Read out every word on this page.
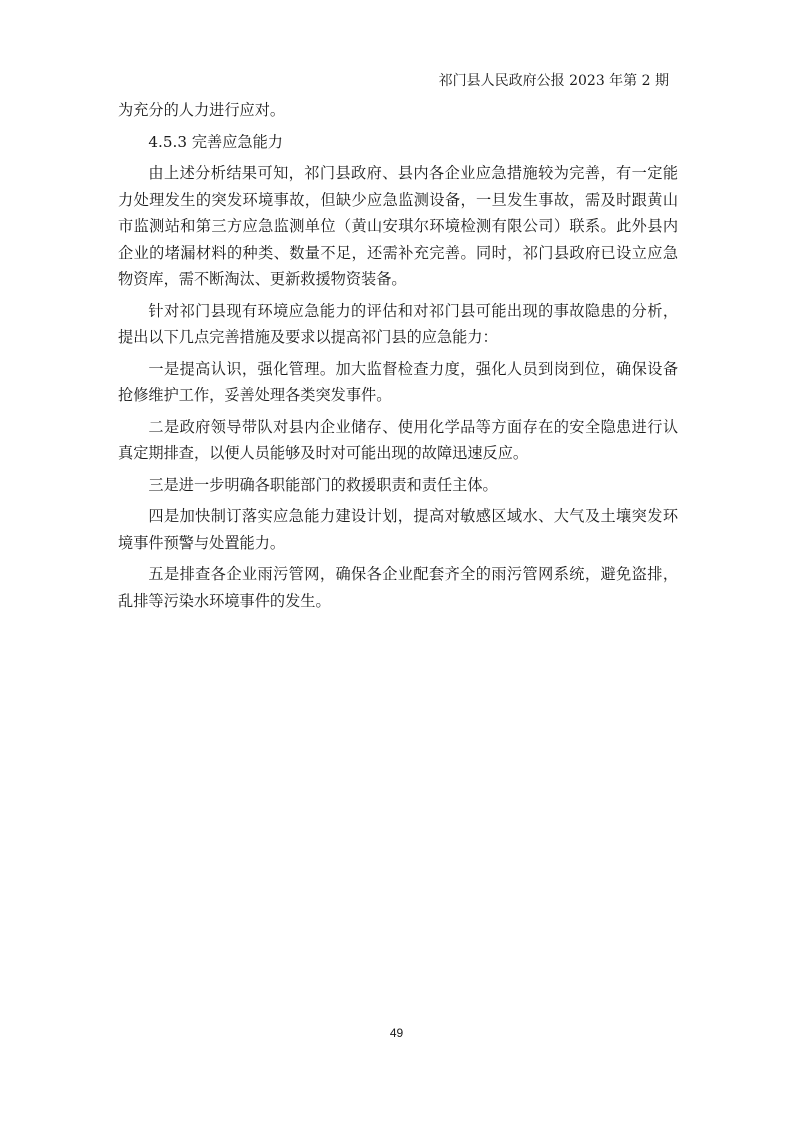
祁门县人民政府公报 2023 年第 2 期

为充分的人力进行应对。

4.5.3 完善应急能力

由上述分析结果可知，祁门县政府、县内各企业应急措施较为完善，有一定能力处理发生的突发环境事故，但缺少应急监测设备，一旦发生事故，需及时跟黄山市监测站和第三方应急监测单位（黄山安琪尔环境检测有限公司）联系。此外县内企业的堵漏材料的种类、数量不足，还需补充完善。同时，祁门县政府已设立应急物资库，需不断淘汰、更新救援物资装备。

针对祁门县现有环境应急能力的评估和对祁门县可能出现的事故隐患的分析，提出以下几点完善措施及要求以提高祁门县的应急能力：

一是提高认识，强化管理。加大监督检查力度，强化人员到岗到位，确保设备抢修维护工作，妥善处理各类突发事件。

二是政府领导带队对县内企业储存、使用化学品等方面存在的安全隐患进行认真定期排查，以便人员能够及时对可能出现的故障迅速反应。

三是进一步明确各职能部门的救援职责和责任主体。

四是加快制订落实应急能力建设计划，提高对敏感区域水、大气及土壤突发环境事件预警与处置能力。

五是排查各企业雨污管网，确保各企业配套齐全的雨污管网系统，避免盗排，乱排等污染水环境事件的发生。

49
